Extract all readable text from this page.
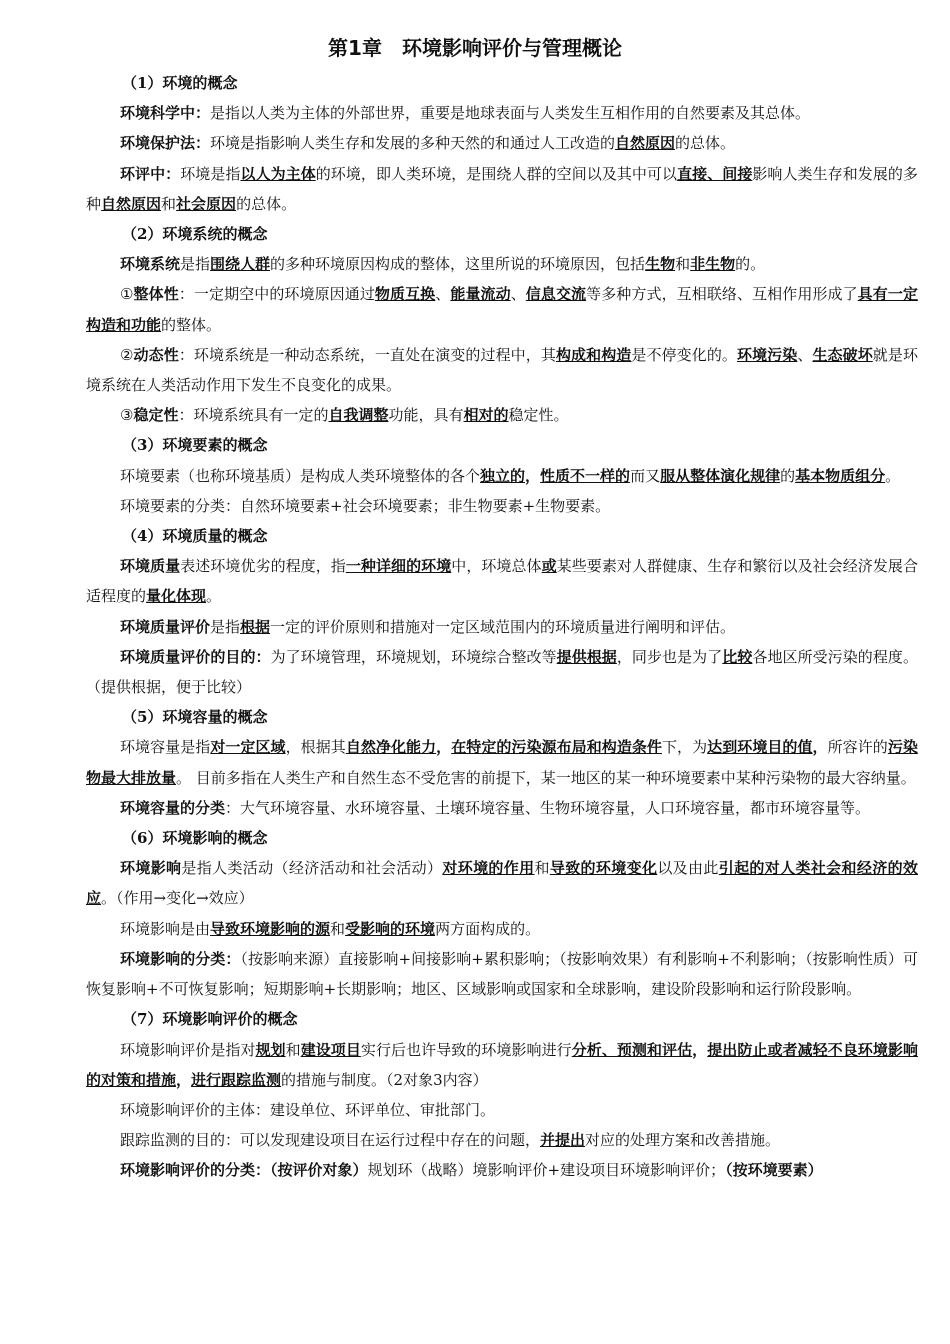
第1章　环境影响评价与管理概论

（1）环境的概念

环境科学中：是指以人类为主体的外部世界，重要是地球表面与人类发生互相作用的自然要素及其总体。

环境保护法：环境是指影响人类生存和发展的多种天然的和通过人工改造的自然原因的总体。

环评中：环境是指以人为主体的环境，即人类环境，是围绕人群的空间以及其中可以直接、间接影响人类生存和发展的多种自然原因和社会原因的总体。

（2）环境系统的概念

环境系统是指围绕人群的多种环境原因构成的整体，这里所说的环境原因，包括生物和非生物的。

①整体性：一定期空中的环境原因通过物质互换、能量流动、信息交流等多种方式，互相联络、互相作用形成了具有一定构造和功能的整体。

②动态性：环境系统是一种动态系统，一直处在演变的过程中，其构成和构造是不停变化的。环境污染、生态破坏就是环境系统在人类活动作用下发生不良变化的成果。

③稳定性：环境系统具有一定的自我调整功能，具有相对的稳定性。

（3）环境要素的概念

环境要素（也称环境基质）是构成人类环境整体的各个独立的，性质不一样的而又服从整体演化规律的基本物质组分。

环境要素的分类：自然环境要素+社会环境要素；非生物要素+生物要素。

（4）环境质量的概念

环境质量表述环境优劣的程度，指一种详细的环境中，环境总体或某些要素对人群健康、生存和繁衍以及社会经济发展合适程度的量化体现。

环境质量评价是指根据一定的评价原则和措施对一定区域范围内的环境质量进行阐明和评估。

环境质量评价的目的：为了环境管理，环境规划，环境综合整改等提供根据，同步也是为了比较各地区所受污染的程度。（提供根据，便于比较）

（5）环境容量的概念

环境容量是指对一定区域，根据其自然净化能力，在特定的污染源布局和构造条件下，为达到环境目的值，所容许的污染物最大排放量。 目前多指在人类生产和自然生态不受危害的前提下，某一地区的某一种环境要素中某种污染物的最大容纳量。

环境容量的分类：大气环境容量、水环境容量、土壤环境容量、生物环境容量，人口环境容量，都市环境容量等。

（6）环境影响的概念

环境影响是指人类活动（经济活动和社会活动）对环境的作用和导致的环境变化以及由此引起的对人类社会和经济的效应。（作用→变化→效应）

环境影响是由导致环境影响的源和受影响的环境两方面构成的。

环境影响的分类：（按影响来源）直接影响+间接影响+累积影响；（按影响效果）有利影响+不利影响；（按影响性质）可恢复影响+不可恢复影响；短期影响+长期影响；地区、区域影响或国家和全球影响，建设阶段影响和运行阶段影响。

（7）环境影响评价的概念

环境影响评价是指对规划和建设项目实行后也许导致的环境影响进行分析、预测和评估，提出防止或者减轻不良环境影响的对策和措施，进行跟踪监测的措施与制度。（2对象3内容）

环境影响评价的主体：建设单位、环评单位、审批部门。

跟踪监测的目的：可以发现建设项目在运行过程中存在的问题，并提出对应的处理方案和改善措施。

环境影响评价的分类：（按评价对象）规划环（战略）境影响评价+建设项目环境影响评价；（按环境要素）
